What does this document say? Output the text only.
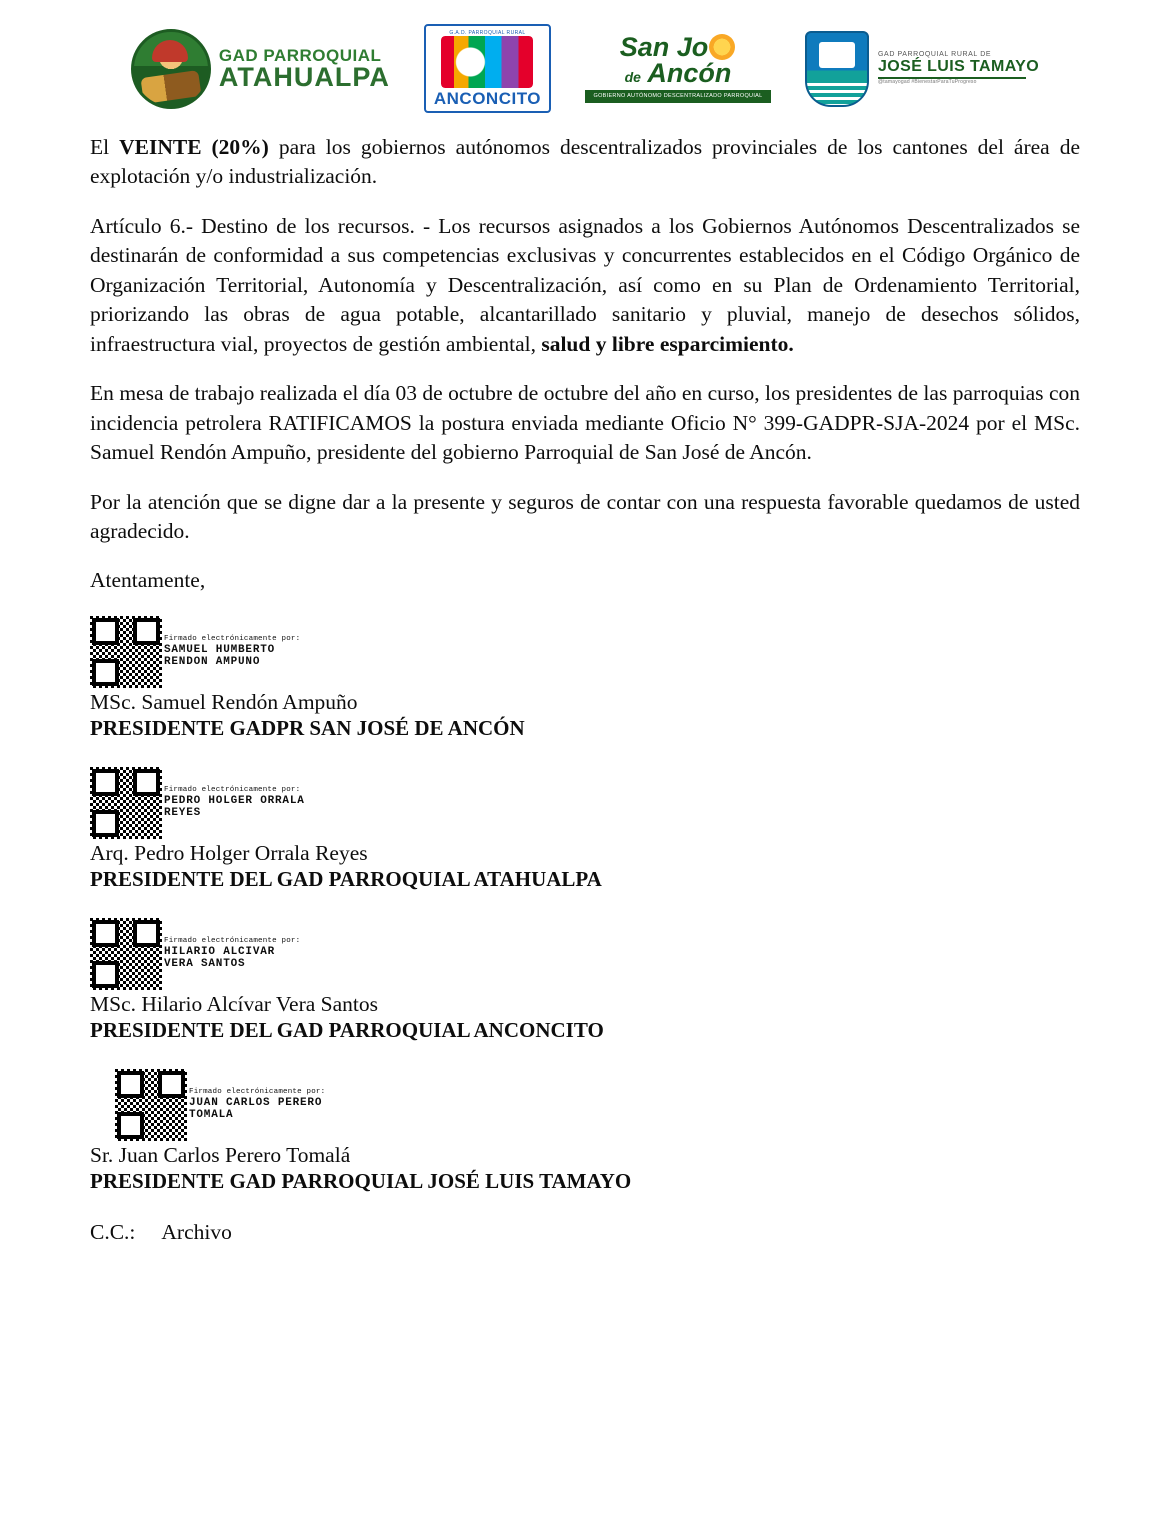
GAD PARROQUIAL
ATAHUALPA
G.A.D. PARROQUIAL RURAL
ANCONCITO
San Jo
de Ancón
GOBIERNO AUTÓNOMO DESCENTRALIZADO PARROQUIAL
GAD PARROQUIAL RURAL DE
JOSÉ LUIS TAMAYO
@tamayogad #BienestarParaTuProgreso

El VEINTE (20%) para los gobiernos autónomos descentralizados provinciales de los cantones del área de explotación y/o industrialización.

Artículo 6.- Destino de los recursos. - Los recursos asignados a los Gobiernos Autónomos Descentralizados se destinarán de conformidad a sus competencias exclusivas y concurrentes establecidos en el Código Orgánico de Organización Territorial, Autonomía y Descentralización, así como en su Plan de Ordenamiento Territorial, priorizando las obras de agua potable, alcantarillado sanitario y pluvial, manejo de desechos sólidos, infraestructura vial, proyectos de gestión ambiental, salud y libre esparcimiento.

En mesa de trabajo realizada el día 03 de octubre de octubre del año en curso, los presidentes de las parroquias con incidencia petrolera RATIFICAMOS la postura enviada mediante Oficio N° 399-GADPR-SJA-2024 por el MSc. Samuel Rendón Ampuño, presidente del gobierno Parroquial de San José de Ancón.

Por la atención que se digne dar a la presente y seguros de contar con una respuesta favorable quedamos de usted agradecido.

Atentamente,

Firmado electrónicamente por:
SAMUEL HUMBERTO
RENDON AMPUNO
MSc. Samuel Rendón Ampuño
PRESIDENTE GADPR SAN JOSÉ DE ANCÓN
Firmado electrónicamente por:
PEDRO HOLGER ORRALA
REYES
Arq. Pedro Holger Orrala Reyes
PRESIDENTE DEL GAD PARROQUIAL ATAHUALPA
Firmado electrónicamente por:
HILARIO ALCIVAR
VERA SANTOS
MSc. Hilario Alcívar Vera Santos
PRESIDENTE DEL GAD PARROQUIAL ANCONCITO
Firmado electrónicamente por:
JUAN CARLOS PERERO
TOMALA
Sr. Juan Carlos Perero Tomalá
PRESIDENTE GAD PARROQUIAL JOSÉ LUIS TAMAYO

C.C.: Archivo
